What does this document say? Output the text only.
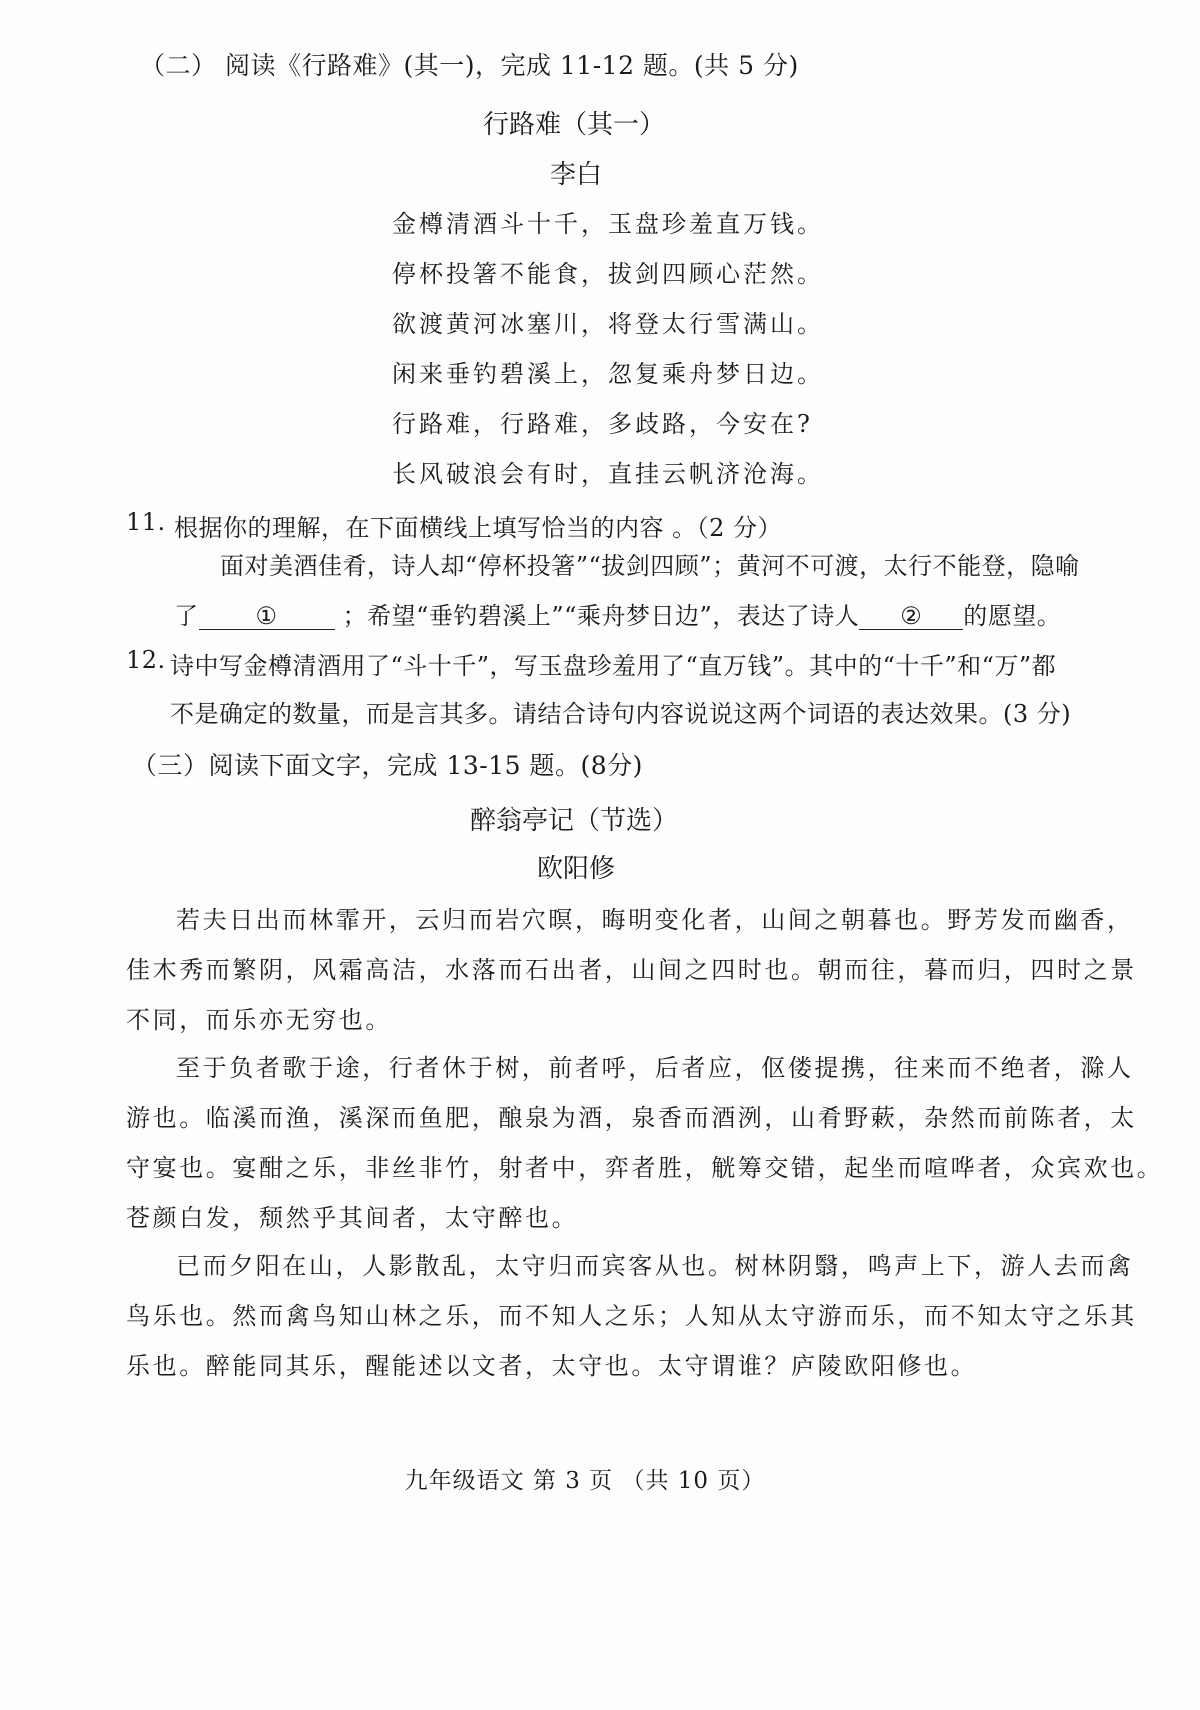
（二） 阅读《行路难》(其一)，完成 11-12 题。(共 5 分)
行路难（其一）
李白
金樽清酒斗十千，玉盘珍羞直万钱。
停杯投箸不能食，拔剑四顾心茫然。
欲渡黄河冰塞川，将登太行雪满山。
闲来垂钓碧溪上，忽复乘舟梦日边。
行路难，行路难，多歧路，今安在?
长风破浪会有时，直挂云帆济沧海。
11. 根据你的理解，在下面横线上填写恰当的内容 。（2 分）
面对美酒佳肴，诗人却“停杯投箸”“拔剑四顾”；黄河不可渡，太行不能登，隐喻
了 ①	；希望“垂钓碧溪上”“乘舟梦日边”，表达了诗人 ② 的愿望。
12. 诗中写金樽清酒用了“斗十千”，写玉盘珍羞用了“直万钱”。其中的“十千”和“万”都
不是确定的数量，而是言其多。请结合诗句内容说说这两个词语的表达效果。(3 分)
（三）阅读下面文字，完成 13-15 题。(8分)
醉翁亭记（节选）
欧阳修
若夫日出而林霏开，云归而岩穴暝，晦明变化者，山间之朝暮也。野芳发而幽香，
佳木秀而繁阴，风霜高洁，水落而石出者，山间之四时也。朝而往，暮而归，四时之景
不同，而乐亦无穷也。
至于负者歌于途，行者休于树，前者呼，后者应，伛偻提携，往来而不绝者，滁人
游也。临溪而渔，溪深而鱼肥，酿泉为酒，泉香而酒洌，山肴野蔌，杂然而前陈者，太
守宴也。宴酣之乐，非丝非竹，射者中，弈者胜，觥筹交错，起坐而喧哗者，众宾欢也。
苍颜白发，颓然乎其间者，太守醉也。
已而夕阳在山，人影散乱，太守归而宾客从也。树林阴翳，鸣声上下，游人去而禽
鸟乐也。然而禽鸟知山林之乐，而不知人之乐；人知从太守游而乐，而不知太守之乐其
乐也。醉能同其乐，醒能述以文者，太守也。太守谓谁？庐陵欧阳修也。
九年级语文 第 3 页 （共 10 页）
